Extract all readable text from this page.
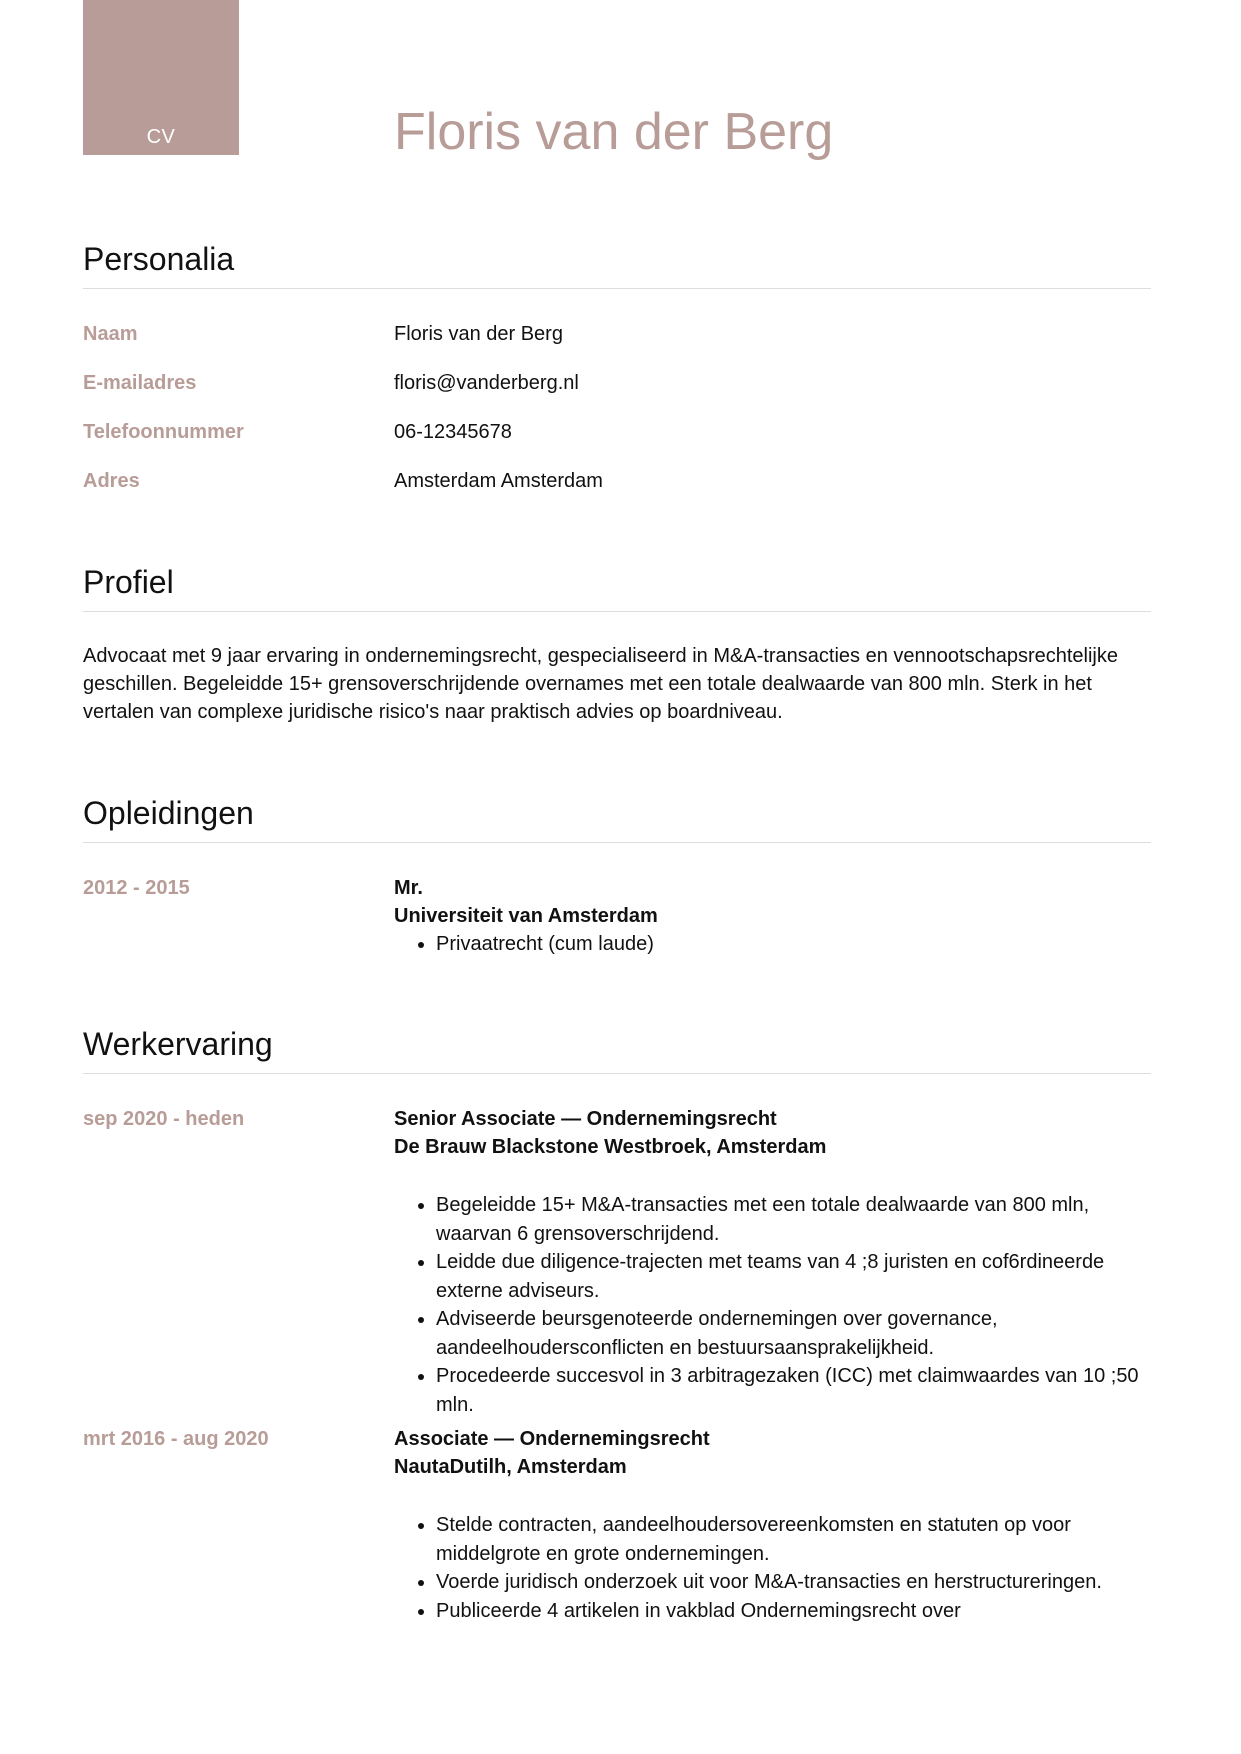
CV	Floris van der Berg
Personalia
Naam	Floris van der Berg
E-mailadres	floris@vanderberg.nl
Telefoonnummer	06-12345678
Adres	Amsterdam Amsterdam
Profiel

Advocaat met 9 jaar ervaring in ondernemingsrecht, gespecialiseerd in M&A-transacties en vennootschapsrechtelijke geschillen. Begeleidde 15+ grensoverschrijdende overnames met een totale dealwaarde van 800 mln. Sterk in het vertalen van complexe juridische risico's naar praktisch advies op boardniveau.

Opleidingen
2012 - 2015	Mr.
Universiteit van Amsterdam
• Privaatrecht (cum laude)
Werkervaring
sep 2020 - heden	Senior Associate — Ondernemingsrecht
De Brauw Blackstone Westbroek, Amsterdam
• Begeleidde 15+ M&A-transacties met een totale dealwaarde van 800 mln, waarvan 6 grensoverschrijdend.
• Leidde due diligence-trajecten met teams van 4 ;8 juristen en cof6rdineerde externe adviseurs.
• Adviseerde beursgenoteerde ondernemingen over governance, aandeelhoudersconflicten en bestuursaansprakelijkheid.
• Procedeerde succesvol in 3 arbitragezaken (ICC) met claimwaardes van 10 ;50 mln.
mrt 2016 - aug 2020	Associate — Ondernemingsrecht
NautaDutilh, Amsterdam
• Stelde contracten, aandeelhoudersovereenkomsten en statuten op voor middelgrote en grote ondernemingen.
• Voerde juridisch onderzoek uit voor M&A-transacties en herstructureringen.
• Publiceerde 4 artikelen in vakblad Ondernemingsrecht over
